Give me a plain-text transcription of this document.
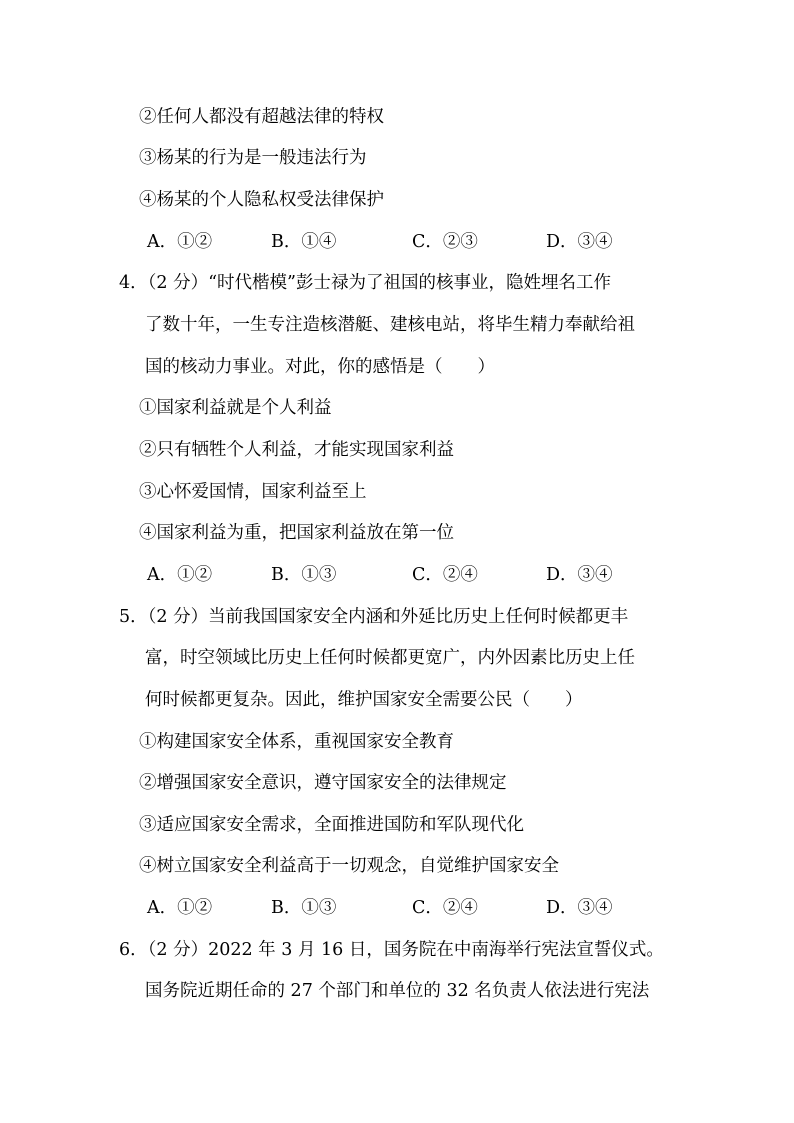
②任何人都没有超越法律的特权
③杨某的行为是一般违法行为
④杨某的个人隐私权受法律保护
A．①②	B．①④	C．②③	D．③④
4．（2 分）“时代楷模”彭士禄为了祖国的核事业，隐姓埋名工作
了数十年，一生专注造核潜艇、建核电站，将毕生精力奉献给祖
国的核动力事业。对此，你的感悟是（　　）
①国家利益就是个人利益
②只有牺牲个人利益，才能实现国家利益
③心怀爱国情，国家利益至上
④国家利益为重，把国家利益放在第一位
A．①②	B．①③	C．②④	D．③④
5．（2 分）当前我国国家安全内涵和外延比历史上任何时候都更丰
富，时空领域比历史上任何时候都更宽广，内外因素比历史上任
何时候都更复杂。因此，维护国家安全需要公民（　　）
①构建国家安全体系，重视国家安全教育
②增强国家安全意识，遵守国家安全的法律规定
③适应国家安全需求，全面推进国防和军队现代化
④树立国家安全利益高于一切观念，自觉维护国家安全
A．①②	B．①③	C．②④	D．③④
6．（2 分）2022 年 3 月 16 日，国务院在中南海举行宪法宣誓仪式。
国务院近期任命的 27 个部门和单位的 32 名负责人依法进行宪法
